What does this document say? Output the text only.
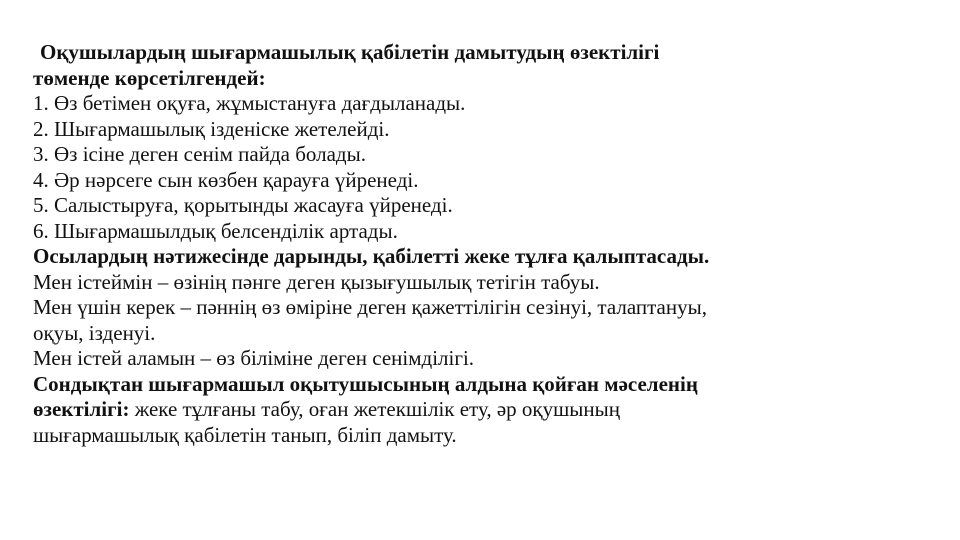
Оқушылардың шығармашылық қабілетін дамытудың өзектілігі
төменде көрсетілгендей:
1. Өз бетімен оқуға, жұмыстануға дағдыланады.
2. Шығармашылық ізденіске жетелейді.
3. Өз ісіне деген сенім пайда болады.
4. Әр нәрсеге сын көзбен қарауға үйренеді.
5. Салыстыруға, қорытынды жасауға үйренеді.
6. Шығармашылдық белсенділік артады.
Осылардың нәтижесінде дарынды, қабілетті жеке тұлға қалыптасады.
Мен істеймін – өзінің пәнге деген қызығушылық тетігін табуы.
Мен үшін керек – пәннің өз өміріне деген қажеттілігін сезінуі, талаптануы,
оқуы, ізденуі.
Мен істей аламын – өз біліміне деген сенімділігі.
Сондықтан шығармашыл оқытушысының алдына қойған мәселенің
өзектілігі: жеке тұлғаны табу, оған жетекшілік ету, әр оқушының
шығармашылық қабілетін танып, біліп дамыту.
